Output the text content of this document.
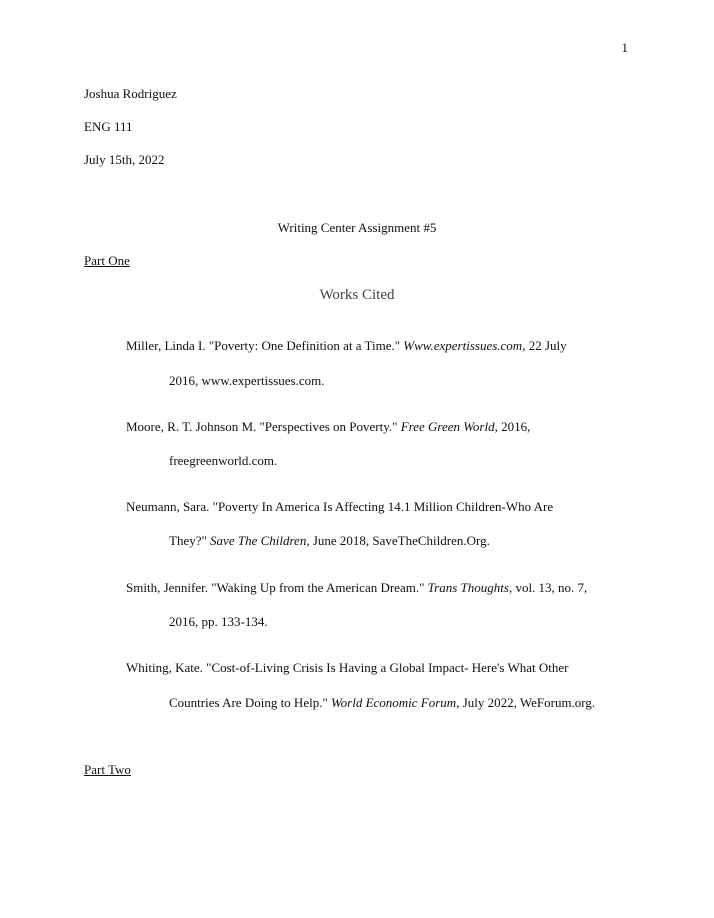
1
Joshua Rodriguez
ENG 111
July 15th, 2022
Writing Center Assignment #5
Part One
Works Cited
Miller, Linda I. "Poverty: One Definition at a Time." Www.expertissues.com, 22 July
2016, www.expertissues.com.
Moore, R. T. Johnson M. "Perspectives on Poverty." Free Green World, 2016,
freegreenworld.com.
Neumann, Sara. "Poverty In America Is Affecting 14.1 Million Children-Who Are
They?" Save The Children, June 2018, SaveTheChildren.Org.
Smith, Jennifer. "Waking Up from the American Dream." Trans Thoughts, vol. 13, no. 7,
2016, pp. 133-134.
Whiting, Kate. "Cost-of-Living Crisis Is Having a Global Impact- Here's What Other
Countries Are Doing to Help." World Economic Forum, July 2022, WeForum.org.
Part Two
